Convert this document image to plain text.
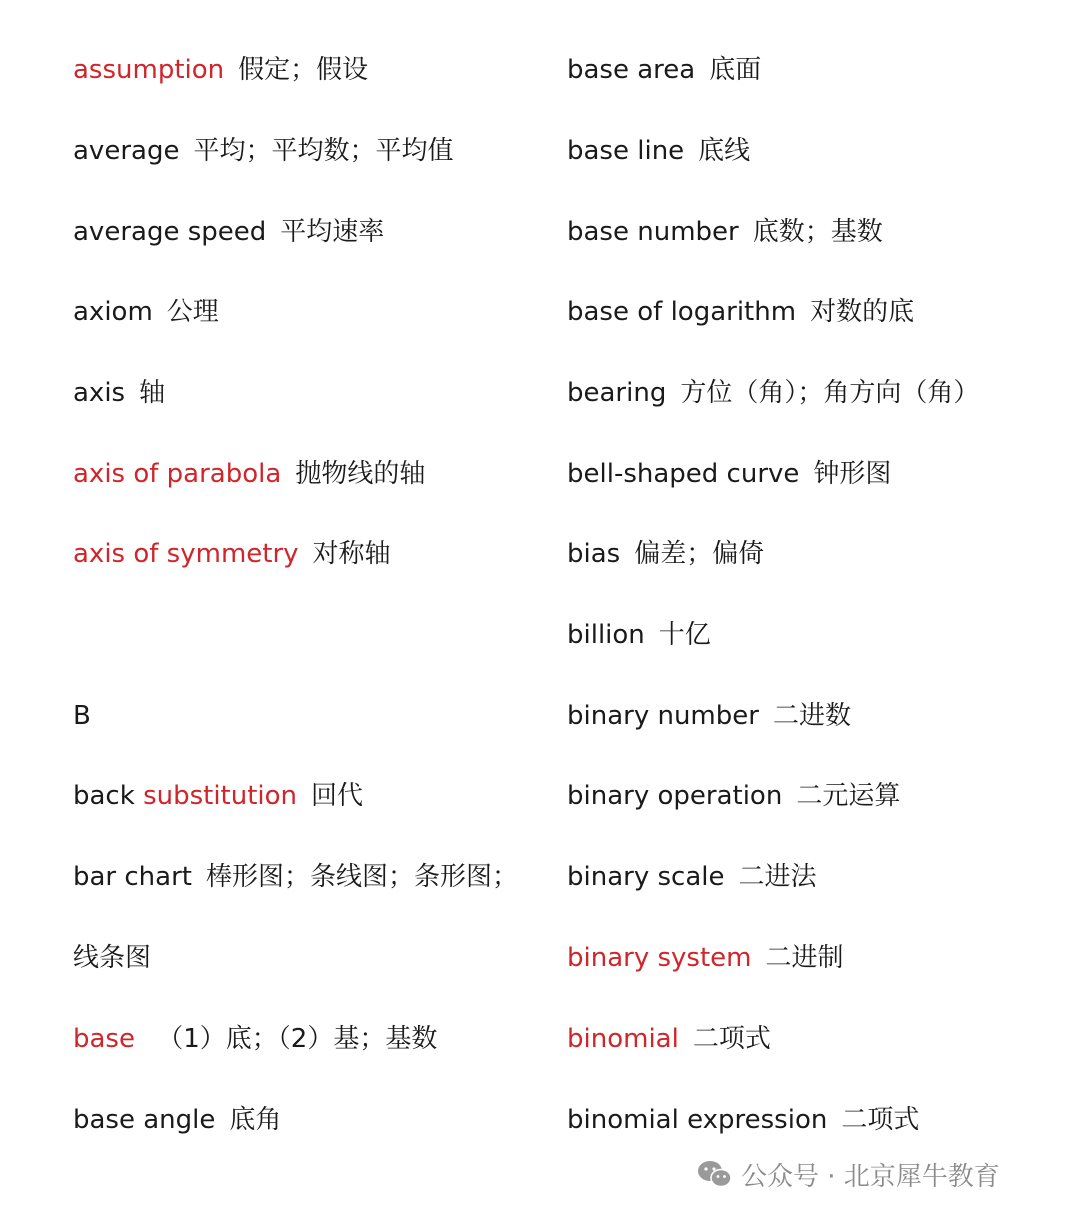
assumption 假定；假设
average 平均；平均数；平均值
average speed 平均速率
axiom 公理
axis 轴
axis of parabola 抛物线的轴
axis of symmetry 对称轴
B
back substitution 回代
bar chart 棒形图；条线图；条形图；
线条图
base （1）底；（2）基；基数
base angle 底角
base area 底面
base line 底线
base number 底数；基数
base of logarithm 对数的底
bearing 方位（角）；角方向（角）
bell-shaped curve 钟形图
bias 偏差；偏倚
billion 十亿
binary number 二进数
binary operation 二元运算
binary scale 二进法
binary system 二进制
binomial 二项式
binomial expression 二项式
公众号 · 北京犀牛教育
